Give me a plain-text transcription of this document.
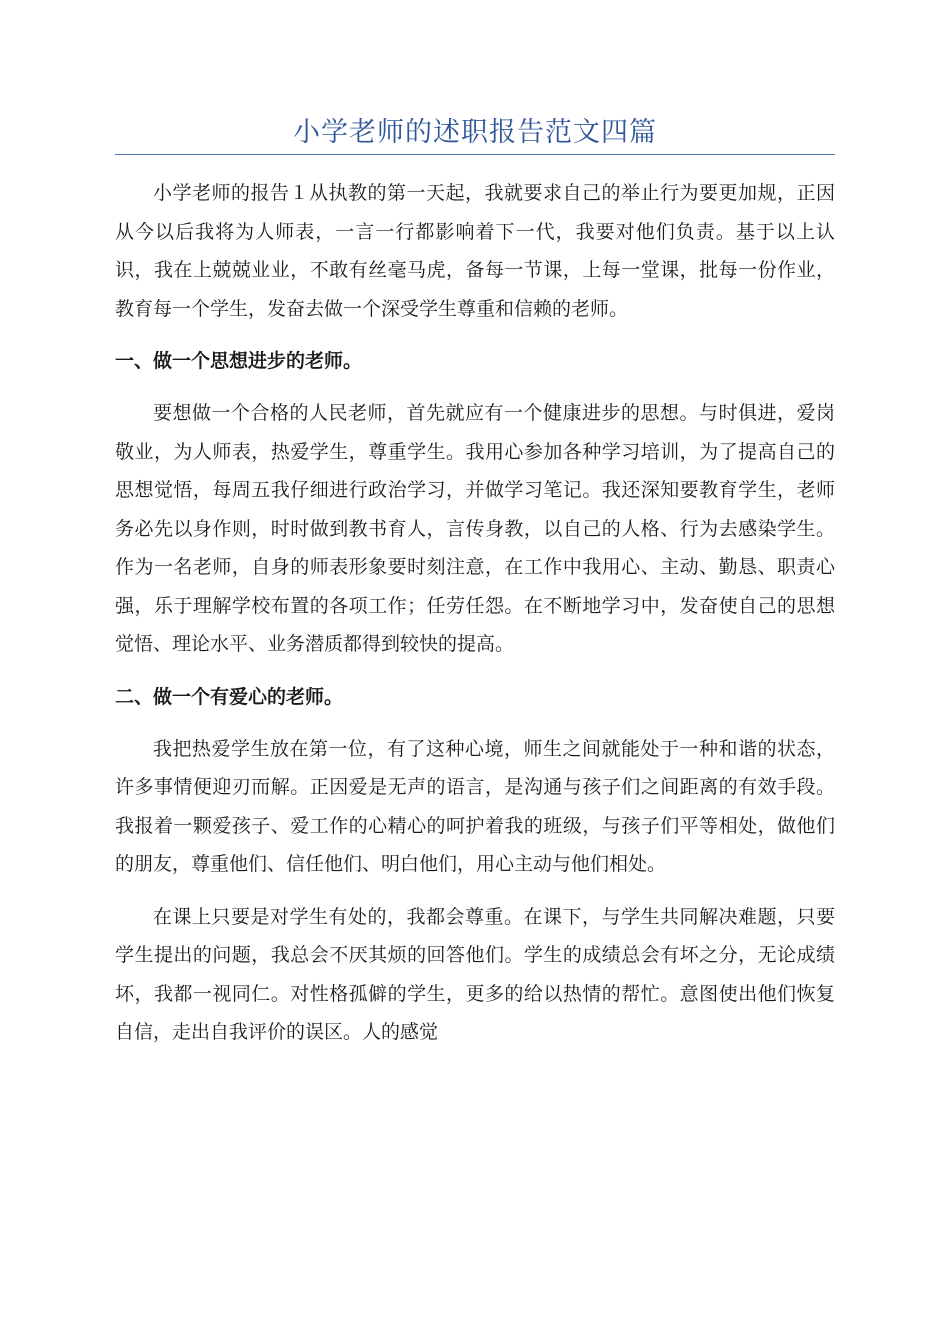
小学老师的述职报告范文四篇

小学老师的报告１从执教的第一天起，我就要求自己的举止行为要更加规，正因从今以后我将为人师表，一言一行都影响着下一代，我要对他们负责。基于以上认识，我在上兢兢业业，不敢有丝毫马虎，备每一节课，上每一堂课，批每一份作业，教育每一个学生，发奋去做一个深受学生尊重和信赖的老师。

一、做一个思想进步的老师。

要想做一个合格的人民老师，首先就应有一个健康进步的思想。与时俱进，爱岗敬业，为人师表，热爱学生，尊重学生。我用心参加各种学习培训，为了提高自己的思想觉悟，每周五我仔细进行政治学习，并做学习笔记。我还深知要教育学生，老师务必先以身作则，时时做到教书育人，言传身教，以自己的人格、行为去感染学生。作为一名老师，自身的师表形象要时刻注意，在工作中我用心、主动、勤恳、职责心强，乐于理解学校布置的各项工作；任劳任怨。在不断地学习中，发奋使自己的思想觉悟、理论水平、业务潜质都得到较快的提高。

二、做一个有爱心的老师。

我把热爱学生放在第一位，有了这种心境，师生之间就能处于一种和谐的状态，许多事情便迎刃而解。正因爱是无声的语言，是沟通与孩子们之间距离的有效手段。我报着一颗爱孩子、爱工作的心精心的呵护着我的班级，与孩子们平等相处，做他们的朋友，尊重他们、信任他们、明白他们，用心主动与他们相处。

在课上只要是对学生有处的，我都会尊重。在课下，与学生共同解决难题，只要学生提出的问题，我总会不厌其烦的回答他们。学生的成绩总会有坏之分，无论成绩坏，我都一视同仁。对性格孤僻的学生，更多的给以热情的帮忙。意图使出他们恢复自信，走出自我评价的误区。人的感觉
